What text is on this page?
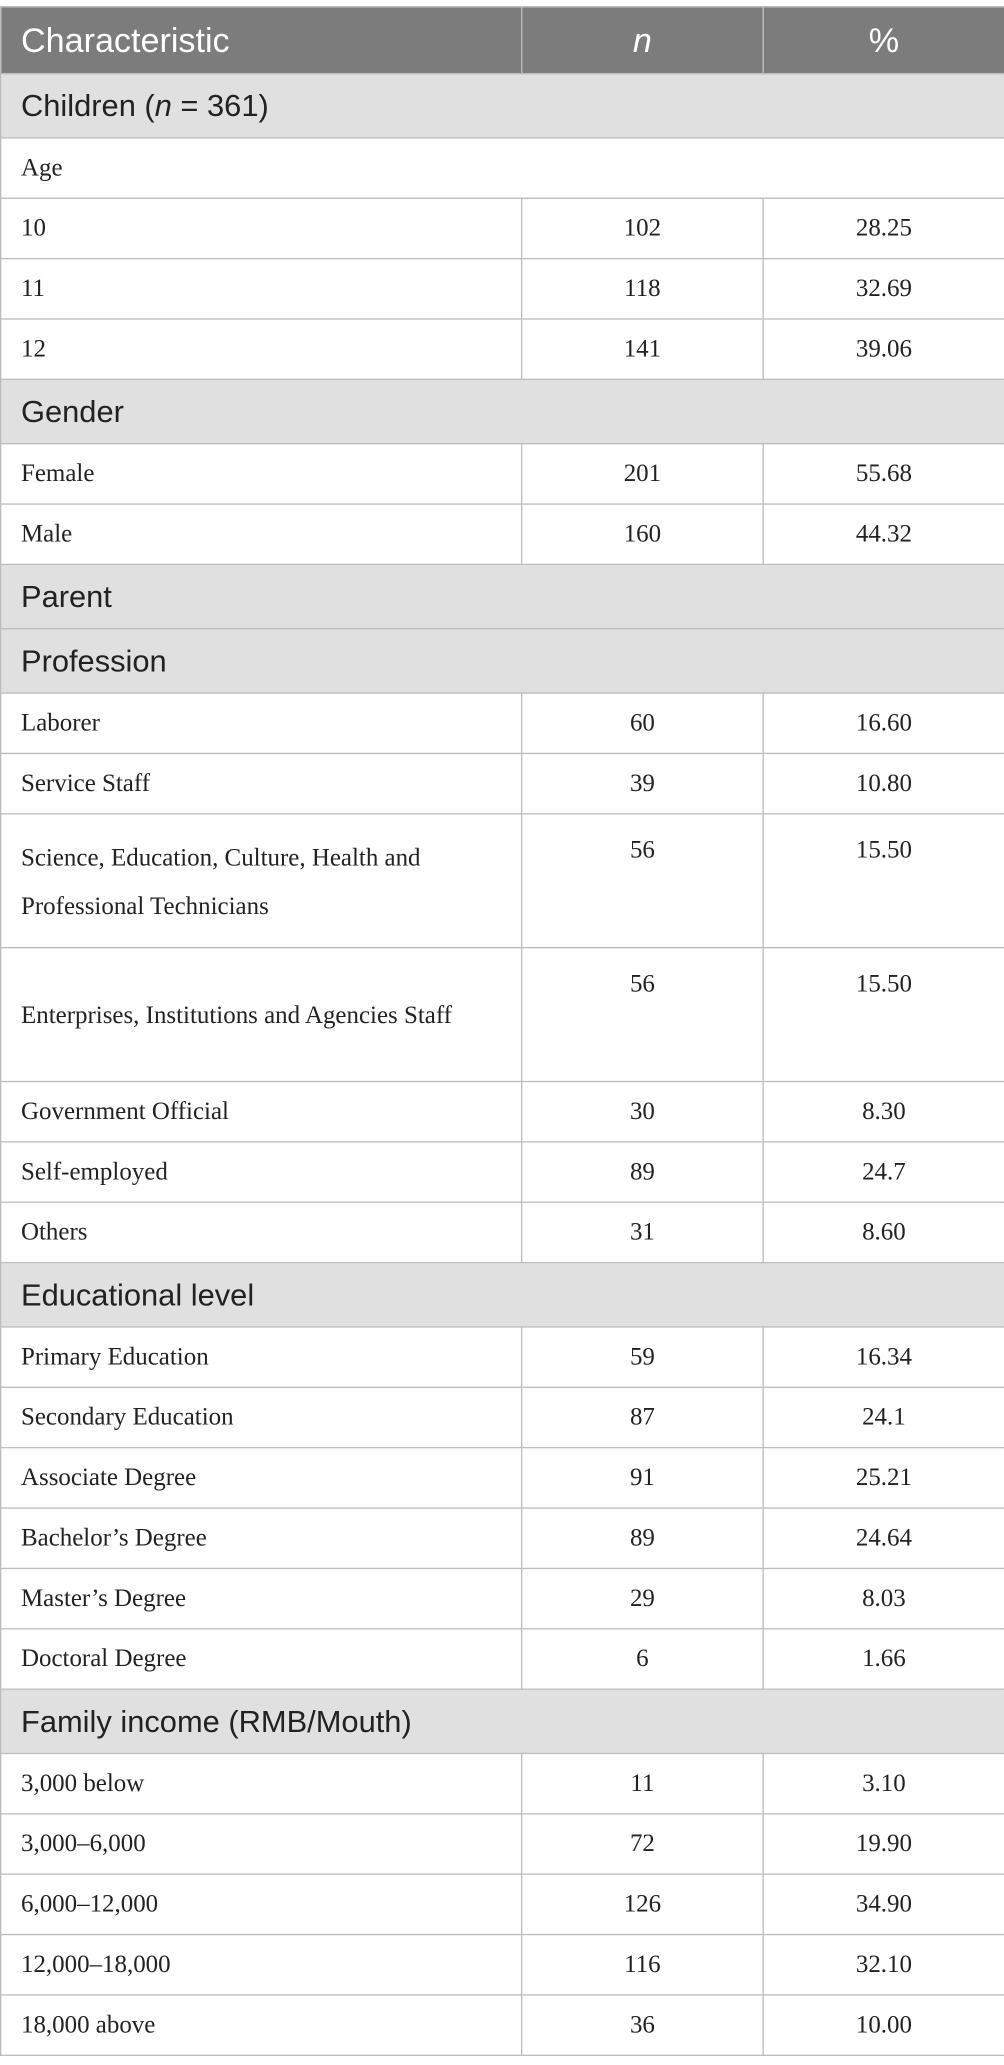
Characteristic	n	%
Children (n = 361)		
Age		
10	102	28.25
11	118	32.69
12	141	39.06
Gender		
Female	201	55.68
Male	160	44.32
Parent		
Profession		
Laborer	60	16.60
Service Staff	39	10.80
Science, Education, Culture, Health and Professional Technicians	56	15.50
Enterprises, Institutions and Agencies Staff	56	15.50
Government Official	30	8.30
Self-employed	89	24.7
Others	31	8.60
Educational level		
Primary Education	59	16.34
Secondary Education	87	24.1
Associate Degree	91	25.21
Bachelor’s Degree	89	24.64
Master’s Degree	29	8.03
Doctoral Degree	6	1.66
Family income (RMB/Mouth)		
3,000 below	11	3.10
3,000–6,000	72	19.90
6,000–12,000	126	34.90
12,000–18,000	116	32.10
18,000 above	36	10.00
